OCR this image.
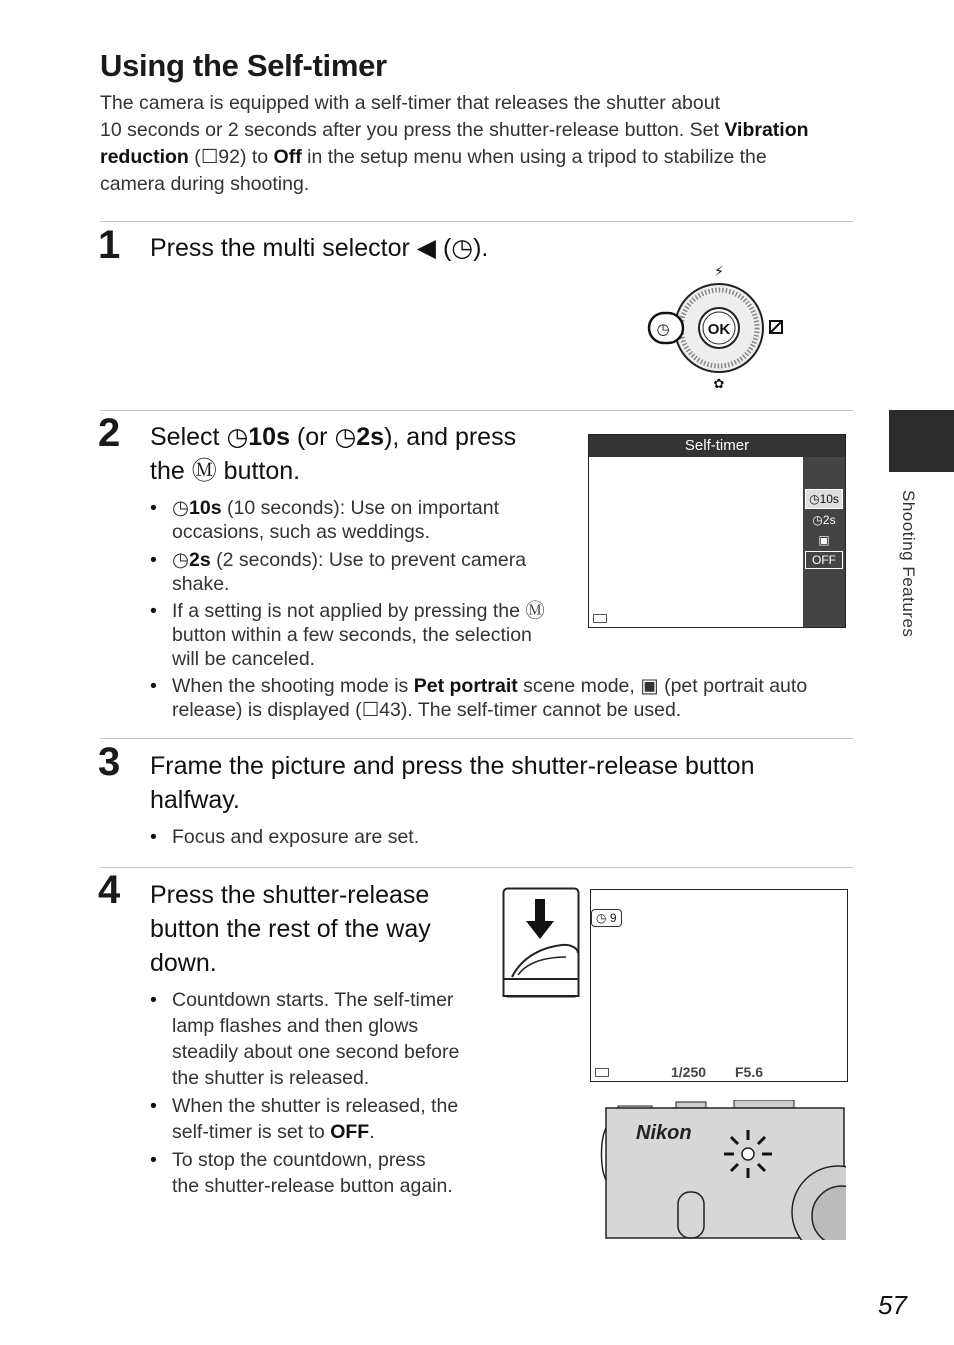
Using the Self-timer
The camera is equipped with a self-timer that releases the shutter about
10 seconds or 2 seconds after you press the shutter-release button. Set Vibration
reduction (☐92) to Off in the setup menu when using a tripod to stabilize the
camera during shooting.
1 Press the multi selector ◀ (◷).
OK
◷
⚡
✿
2 Select ◷10s (or ◷2s), and press
the Ⓜ button.
• ◷10s (10 seconds): Use on important
occasions, such as weddings.
• ◷2s (2 seconds): Use to prevent camera
shake.
• If a setting is not applied by pressing the Ⓜ
button within a few seconds, the selection
will be canceled.
• When the shooting mode is Pet portrait scene mode, ▣ (pet portrait auto
release) is displayed (☐43). The self-timer cannot be used.
Self-timer
◷10s
◷2s
▣
OFF	Shooting Features
3 Frame the picture and press the shutter-release button
halfway.
• Focus and exposure are set.
4 Press the shutter-release
button the rest of the way
down.
• Countdown starts. The self-timer
lamp flashes and then glows
steadily about one second before
the shutter is released.
• When the shutter is released, the
self-timer is set to OFF.
• To stop the countdown, press
the shutter-release button again.
◷ 9
1/250 F5.6
Nikon
57
